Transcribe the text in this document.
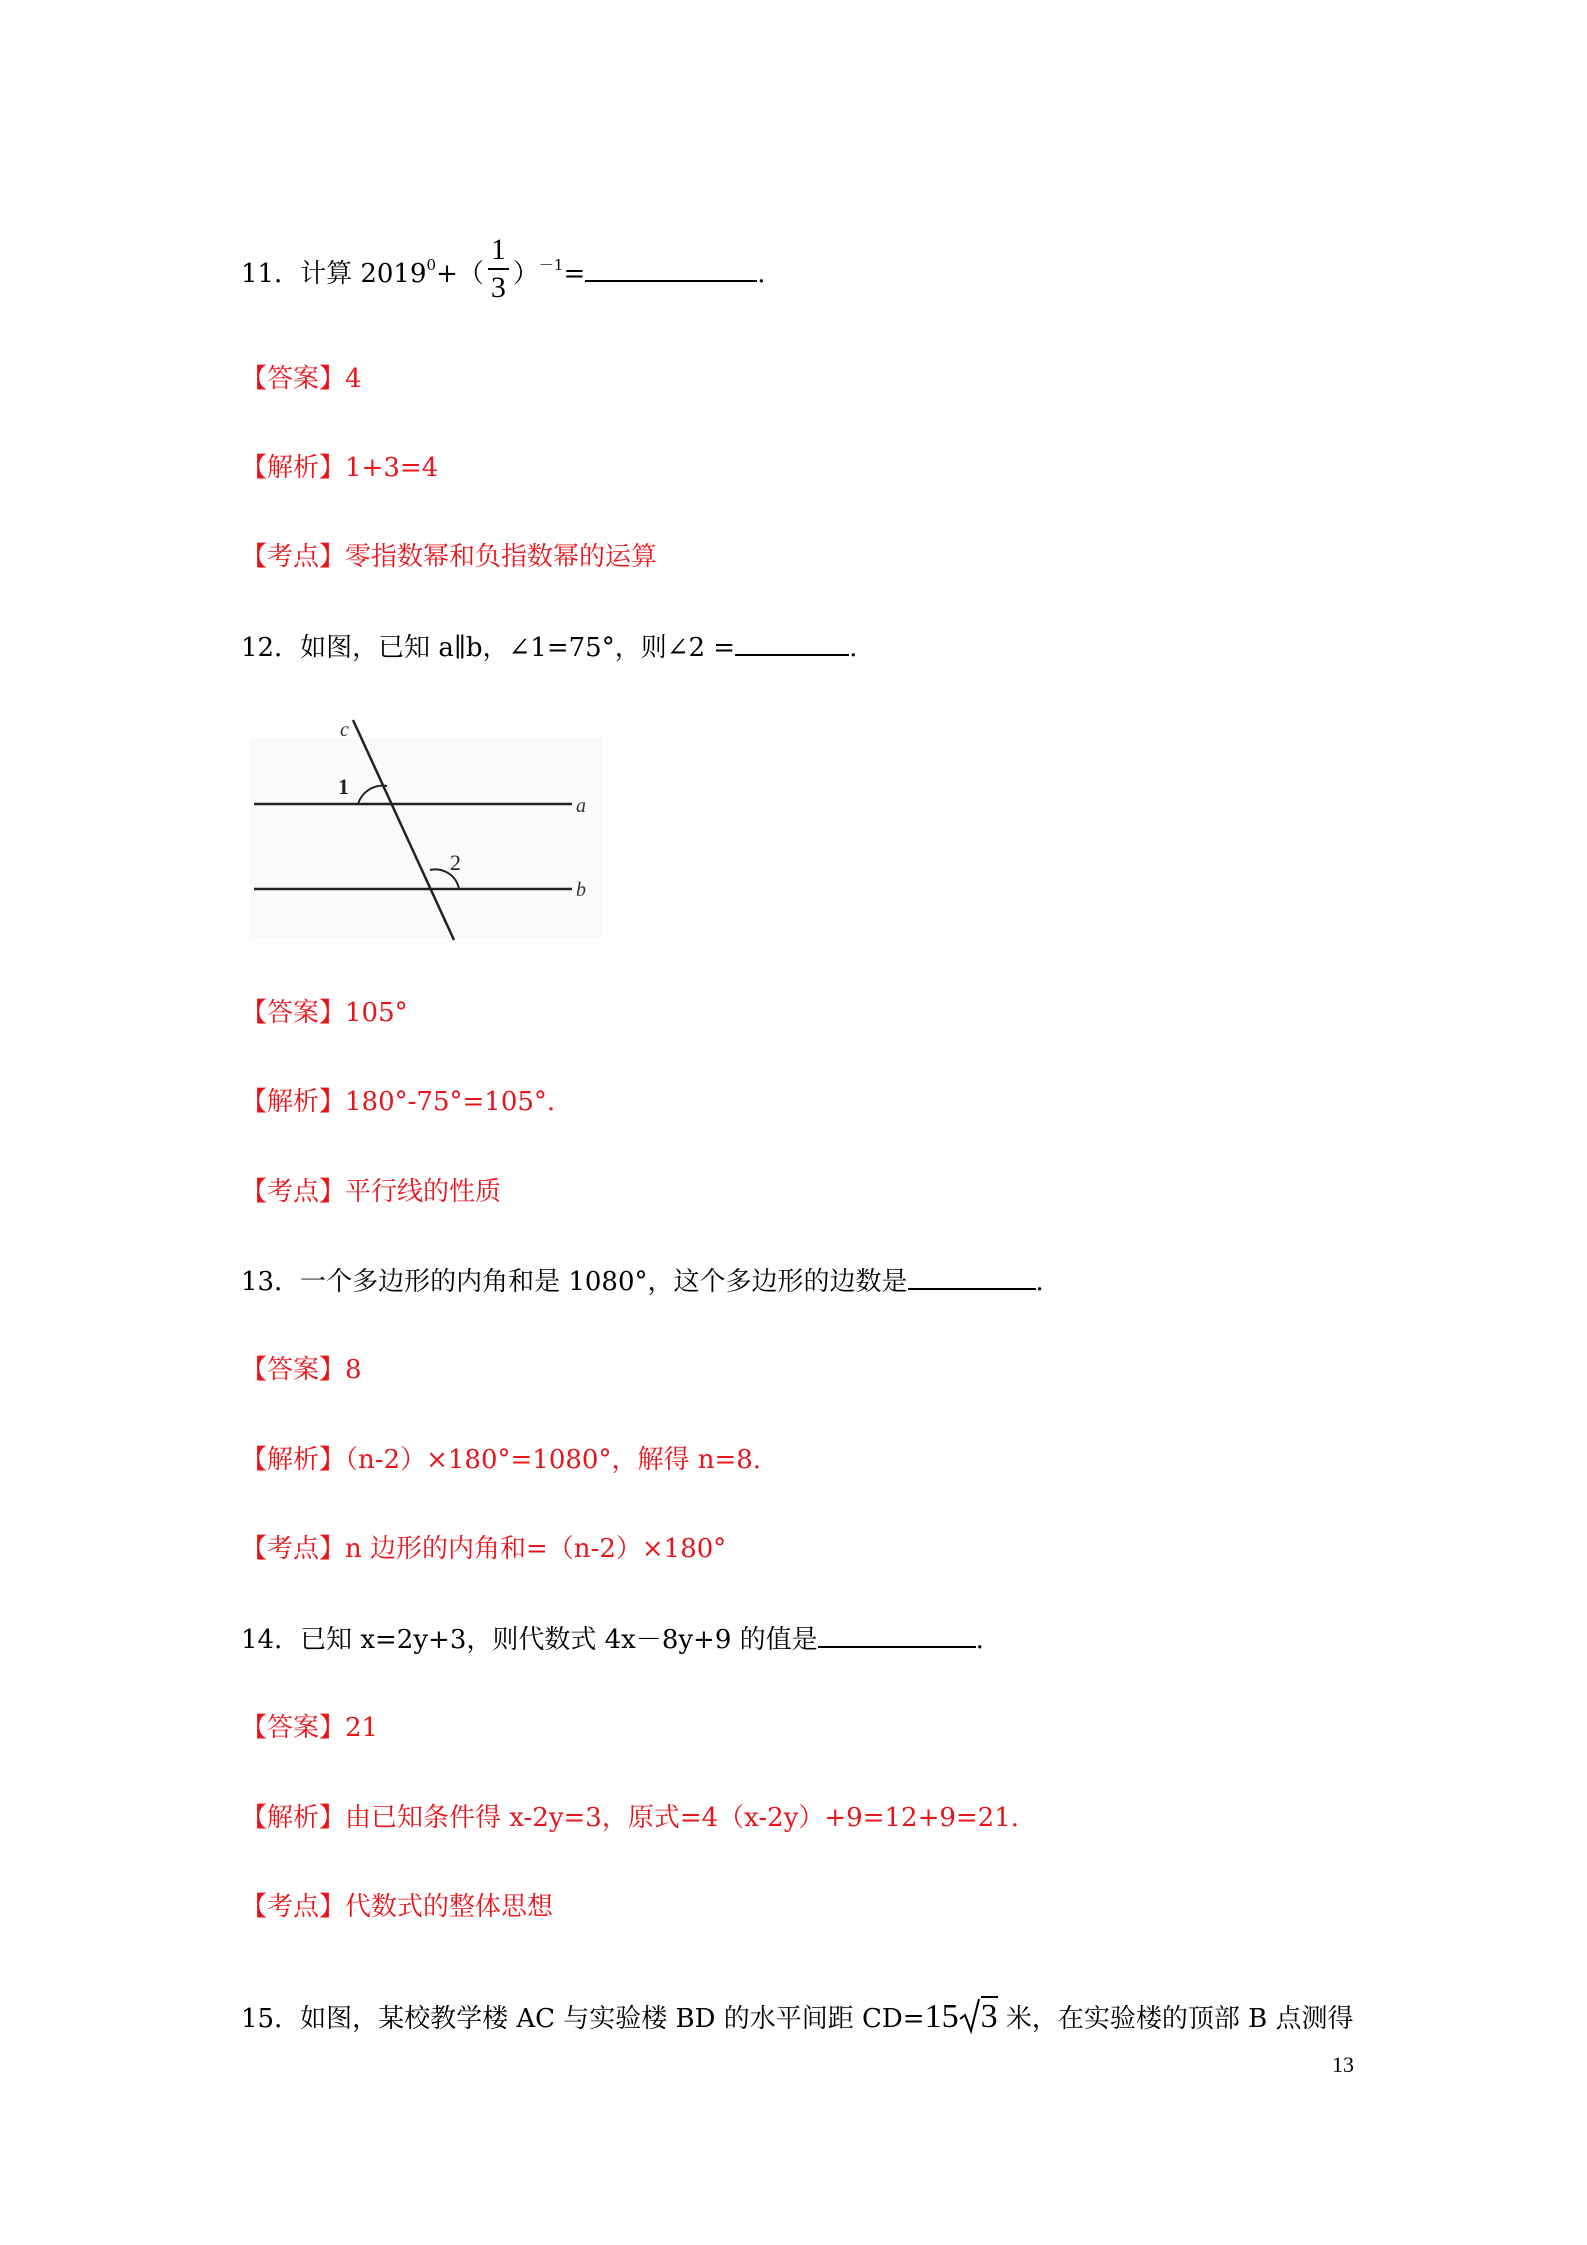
11．计算 $2019^0+( \frac{1}{3} )^{-1}=$	.
【答案】4
【解析】1+3=4
【考点】零指数幂和负指数幂的运算
12．如图，已知 a∥b，∠1=75°，则∠2 =	.
c
1
a
2
b
【答案】105°
【解析】180°-75°=105°.
【考点】平行线的性质
13．一个多边形的内角和是 1080°，这个多边形的边数是	.
【答案】8
【解析】（n-2）×180°=1080°，解得 n=8.
【考点】n 边形的内角和=（n-2）×180°
14．已知 x=2y+3，则代数式 4x－8y+9 的值是	.
【答案】21
【解析】由已知条件得 x-2y=3，原式=4（x-2y）+9=12+9=21.
【考点】代数式的整体思想
15．如图，某校教学楼 AC 与实验楼 BD 的水平间距 CD=15 3 米，在实验楼的顶部 B 点测得
13
